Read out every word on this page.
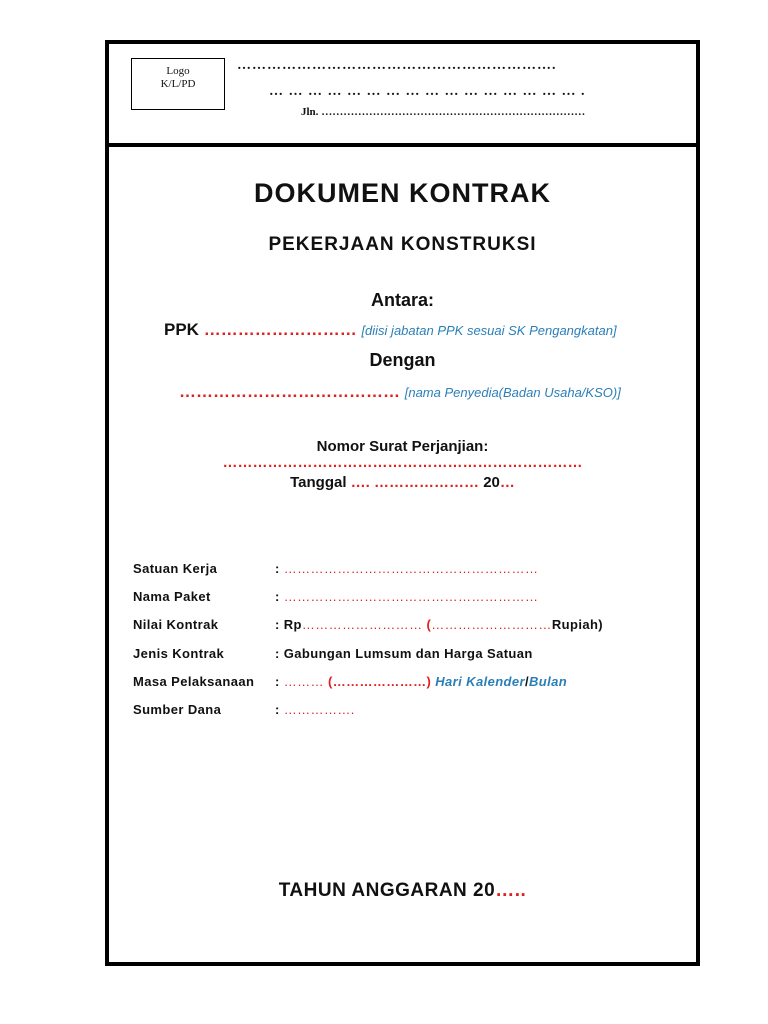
Logo
K/L/PD
……………………………………………………….
… … … … … … … … … … … … … … … … .
Jln. ………………………………………………………………
DOKUMEN KONTRAK
PEKERJAAN KONSTRUKSI
Antara:
PPK ……………………… [diisi jabatan PPK sesuai SK Pengangkatan]
Dengan
………………………………… [nama Penyedia(Badan Usaha/KSO)]
Nomor Surat Perjanjian:
………………………………………………………………
Tanggal …. ………………… 20…
Satuan Kerja	: …………………………………………………
Nama Paket	: …………………………………………………
Nilai Kontrak	: Rp……………………… (………………………Rupiah)
Jenis Kontrak	: Gabungan Lumsum dan Harga Satuan
Masa Pelaksanaan : ……… (…………………) Hari Kalender/Bulan
Sumber Dana	: …………….
TAHUN ANGGARAN 20…..
